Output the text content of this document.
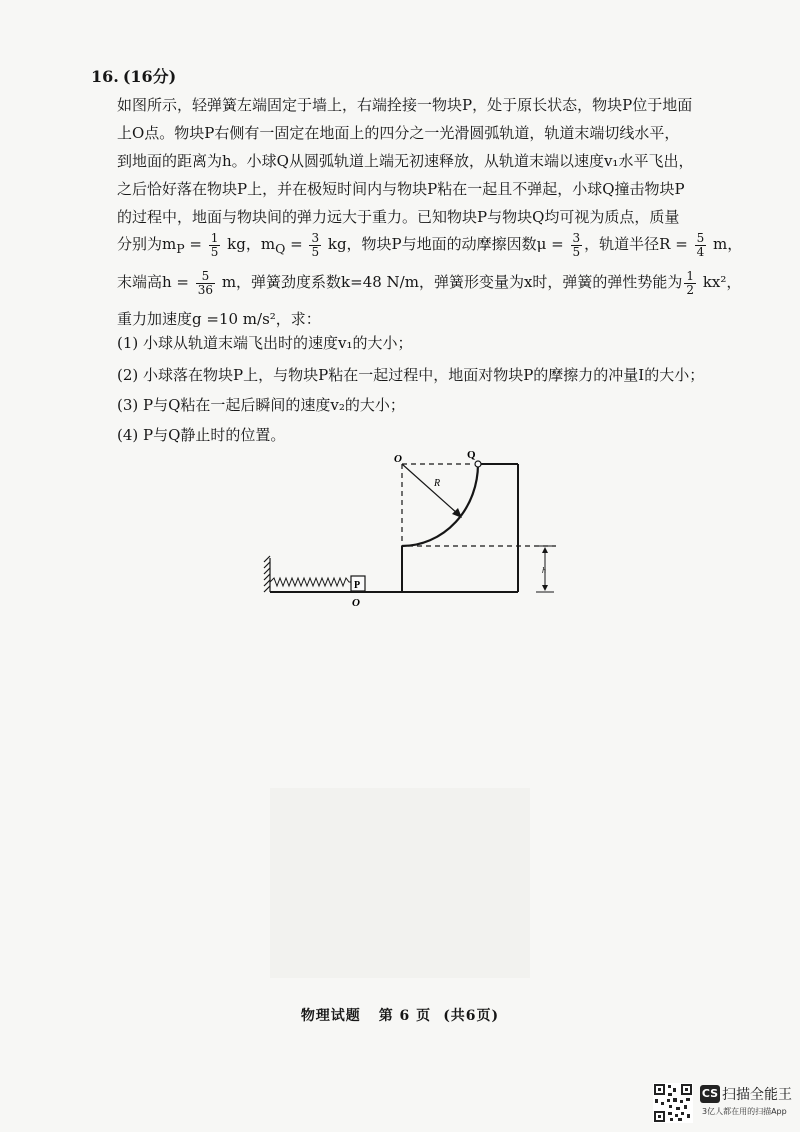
16. (16分)
如图所示，轻弹簧左端固定于墙上，右端拴接一物块P，处于原长状态，物块P位于地面
上O点。物块P右侧有一固定在地面上的四分之一光滑圆弧轨道，轨道末端切线水平，
到地面的距离为h。小球Q从圆弧轨道上端无初速释放，从轨道末端以速度v₁水平飞出，
之后恰好落在物块P上，并在极短时间内与物块P粘在一起且不弹起，小球Q撞击物块P
的过程中，地面与物块间的弹力远大于重力。已知物块P与物块Q均可视为质点，质量
分别为$m_P = \frac{1}{5}$ kg，$m_Q = \frac{3}{5}$ kg，物块P与地面的动摩擦因数$\mu = \frac{3}{5}$ ，轨道半径$R = \frac{5}{4}$ m，
末端高$h = \frac{5}{36}$ m，弹簧劲度系数k=48 N/m，弹簧形变量为x时，弹簧的弹性势能为 $\frac{1}{2} kx^2$，
重力加速度g =10 m/s²，求：
(1) 小球从轨道末端飞出时的速度v₁的大小；
(2) 小球落在物块P上，与物块P粘在一起过程中，地面对物块P的摩擦力的冲量I的大小；
(3) P与Q粘在一起后瞬间的速度v₂的大小；
(4) P与Q静止时的位置。
P
O
R
O	Q
h
物理试题 第 6 页 (共6页)
CS 扫描全能王
3亿人都在用的扫描App
